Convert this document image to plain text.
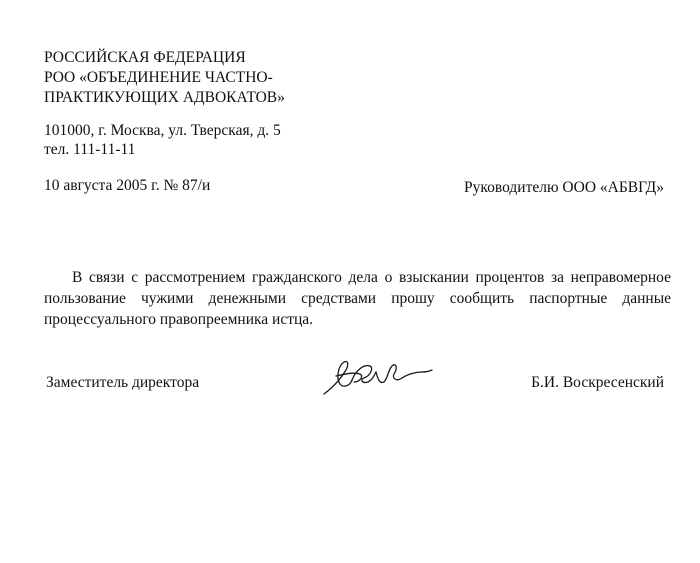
РОССИЙСКАЯ ФЕДЕРАЦИЯ
РОО «ОБЪЕДИНЕНИЕ ЧАСТНО-
ПРАКТИКУЮЩИХ АДВОКАТОВ»
101000, г. Москва, ул. Тверская, д. 5
тел. 111-11-11
10 августа 2005 г. № 87/и	Руководителю ООО «АБВГД»

В связи с рассмотрением гражданского дела о взыскании процентов за неправомерное пользование чужими денежными средствами прошу сообщить паспортные данные процессуального правопреемника истца.

Заместитель директора	Б.И. Воскресенский
